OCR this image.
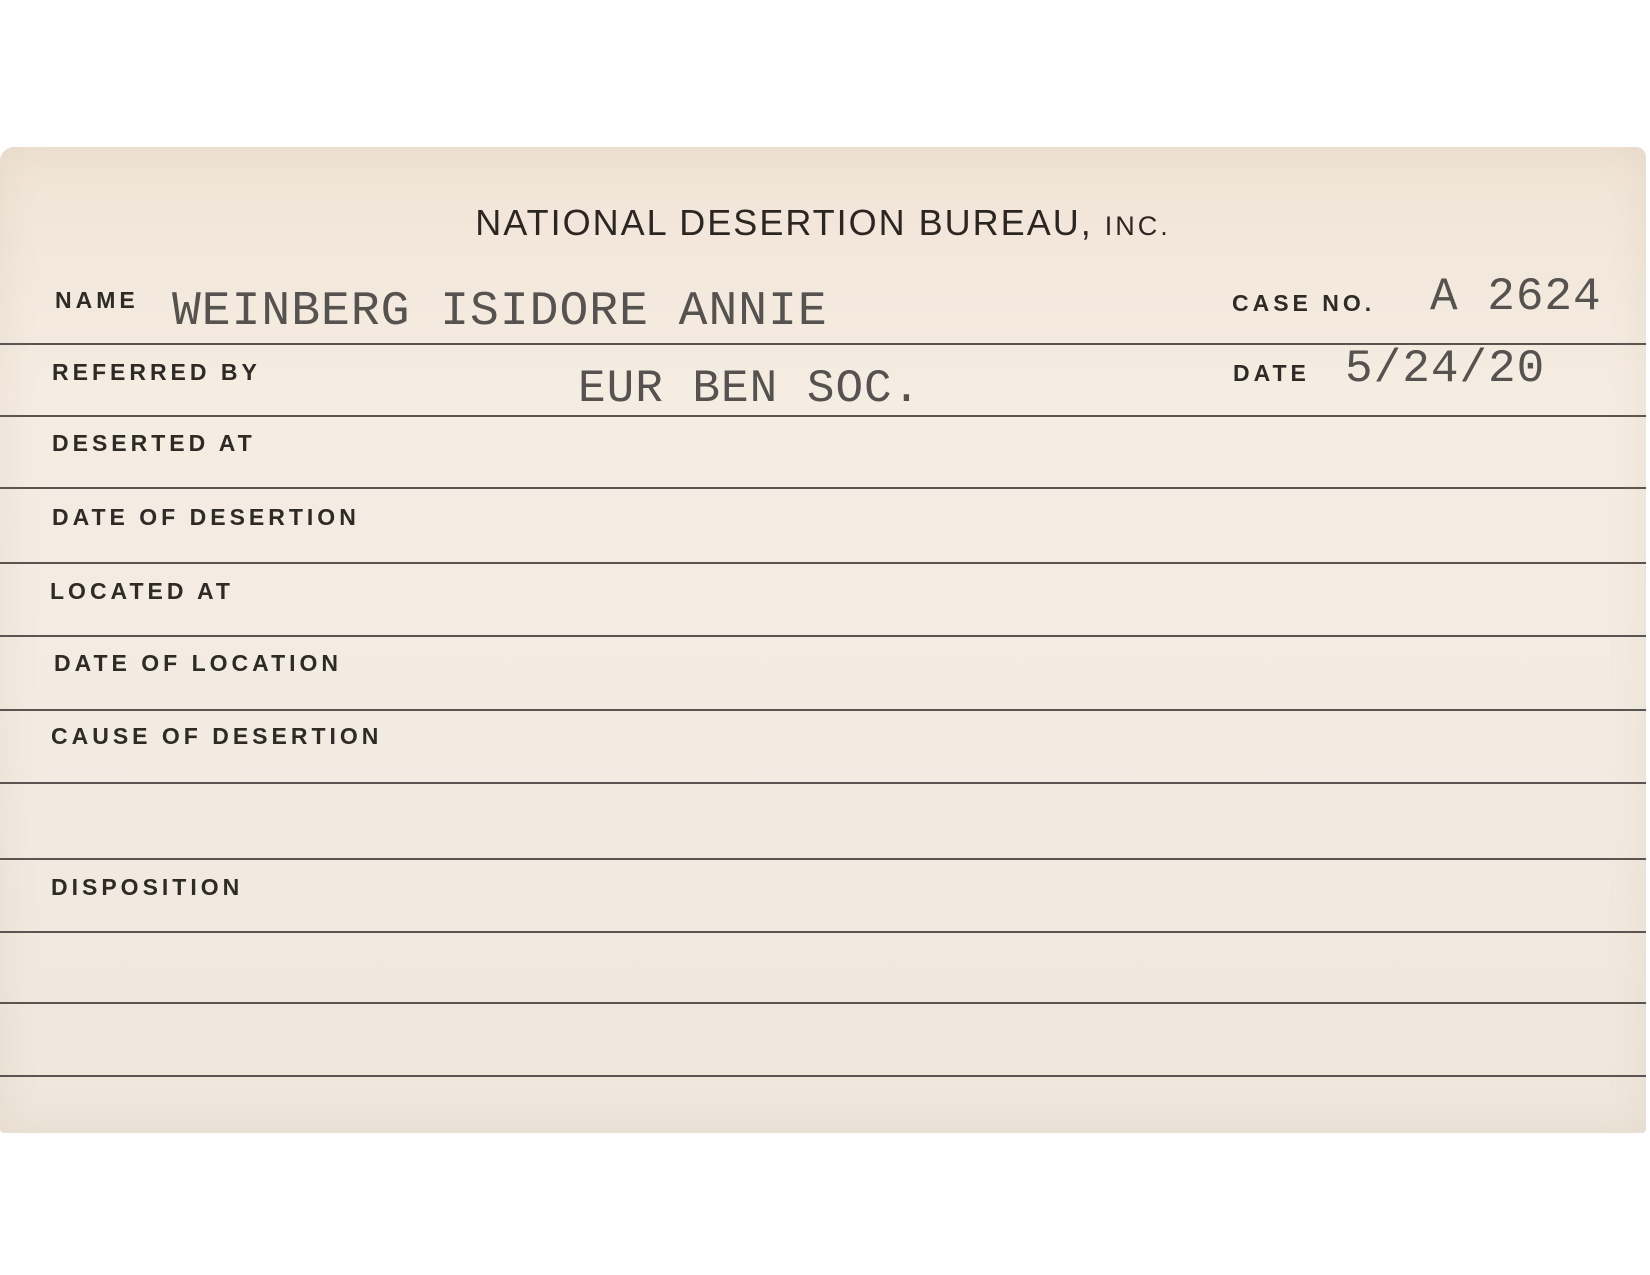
NATIONAL DESERTION BUREAU, INC.
NAME WEINBERG ISIDORE ANNIE	CASE NO. A 2624
REFERRED BY	EUR BEN SOC.	DATE 5/24/20
DESERTED AT
DATE OF DESERTION
LOCATED AT
DATE OF LOCATION
CAUSE OF DESERTION
DISPOSITION
